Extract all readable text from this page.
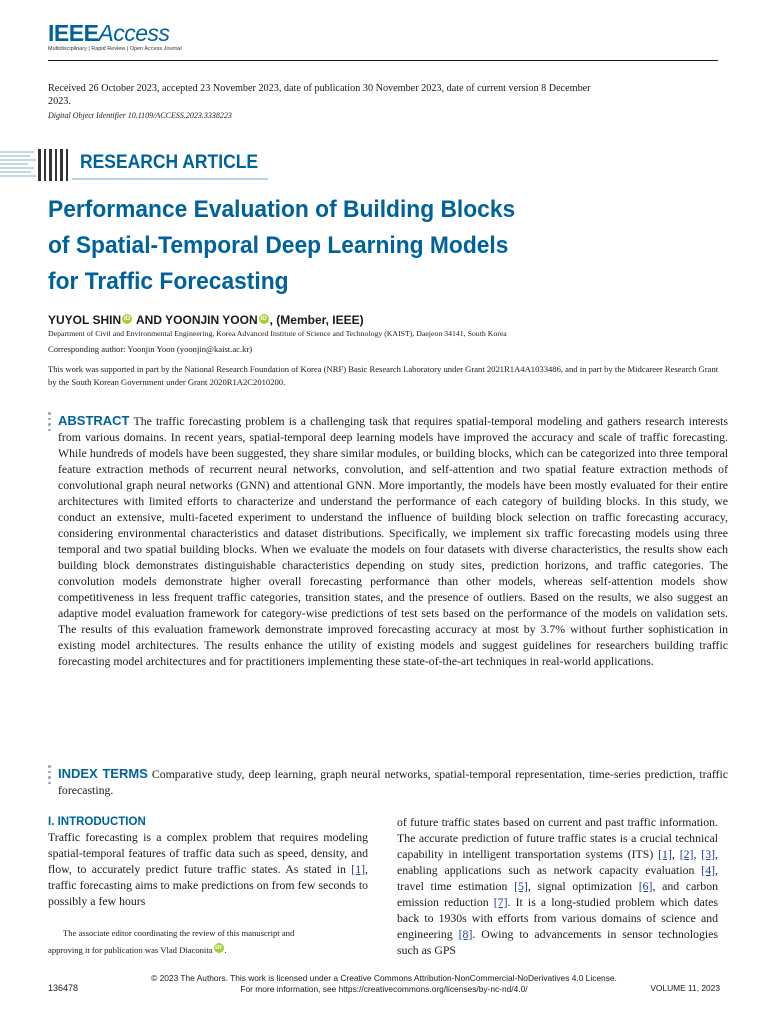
IEEEAccess
Multidisciplinary | Rapid Review | Open Access Journal
Received 26 October 2023, accepted 23 November 2023, date of publication 30 November 2023, date of current version 8 December 2023.
Digital Object Identifier 10.1109/ACCESS.2023.3338223
RESEARCH ARTICLE
Performance Evaluation of Building Blocks of Spatial-Temporal Deep Learning Models for Traffic Forecasting
YUYOL SHIN iD AND YOONJIN YOON iD , (Member, IEEE)
Department of Civil and Environmental Engineering, Korea Advanced Institute of Science and Technology (KAIST), Daejeon 34141, South Korea
Corresponding author: Yoonjin Yoon (yoonjin@kaist.ac.kr)
This work was supported in part by the National Research Foundation of Korea (NRF) Basic Research Laboratory under Grant 2021R1A4A1033486, and in part by the Midcareer Research Grant by the South Korean Government under Grant 2020R1A2C2010200.
ABSTRACT The traffic forecasting problem is a challenging task that requires spatial-temporal modeling and gathers research interests from various domains. In recent years, spatial-temporal deep learning models have improved the accuracy and scale of traffic forecasting. While hundreds of models have been suggested, they share similar modules, or building blocks, which can be categorized into three temporal feature extraction methods of recurrent neural networks, convolution, and self-attention and two spatial feature extraction methods of convolutional graph neural networks (GNN) and attentional GNN. More importantly, the models have been mostly evaluated for their entire architectures with limited efforts to characterize and understand the performance of each category of building blocks. In this study, we conduct an extensive, multi-faceted experiment to understand the influence of building block selection on traffic forecasting accuracy, considering environmental characteristics and dataset distributions. Specifically, we implement six traffic forecasting models using three temporal and two spatial building blocks. When we evaluate the models on four datasets with diverse characteristics, the results show each building block demonstrates distinguishable characteristics depending on study sites, prediction horizons, and traffic categories. The convolution models demonstrate higher overall forecasting performance than other models, whereas self-attention models show competitiveness in less frequent traffic categories, transition states, and the presence of outliers. Based on the results, we also suggest an adaptive model evaluation framework for category-wise predictions of test sets based on the performance of the models on validation sets. The results of this evaluation framework demonstrate improved forecasting accuracy at most by 3.7% without further sophistication in existing model architectures. The results enhance the utility of existing models and suggest guidelines for researchers building traffic forecasting model architectures and for practitioners implementing these state-of-the-art techniques in real-world applications.
INDEX TERMS Comparative study, deep learning, graph neural networks, spatial-temporal representation, time-series prediction, traffic forecasting.
I. INTRODUCTION
Traffic forecasting is a complex problem that requires modeling spatial-temporal features of traffic data such as speed, density, and flow, to accurately predict future traffic states. As stated in [1], traffic forecasting aims to make predictions on from few seconds to possibly a few hours
of future traffic states based on current and past traffic information. The accurate prediction of future traffic states is a crucial technical capability in intelligent transportation systems (ITS) [1], [2], [3], enabling applications such as network capacity evaluation [4], travel time estimation [5], signal optimization [6], and carbon emission reduction [7]. It is a long-studied problem which dates back to 1930s with efforts from various domains of science and engineering [8]. Owing to advancements in sensor technologies such as GPS
The associate editor coordinating the review of this manuscript and
approving it for publication was Vlad Diaconita iD .
© 2023 The Authors. This work is licensed under a Creative Commons Attribution-NonCommercial-NoDerivatives 4.0 License.
For more information, see https://creativecommons.org/licenses/by-nc-nd/4.0/
136478	VOLUME 11, 2023
